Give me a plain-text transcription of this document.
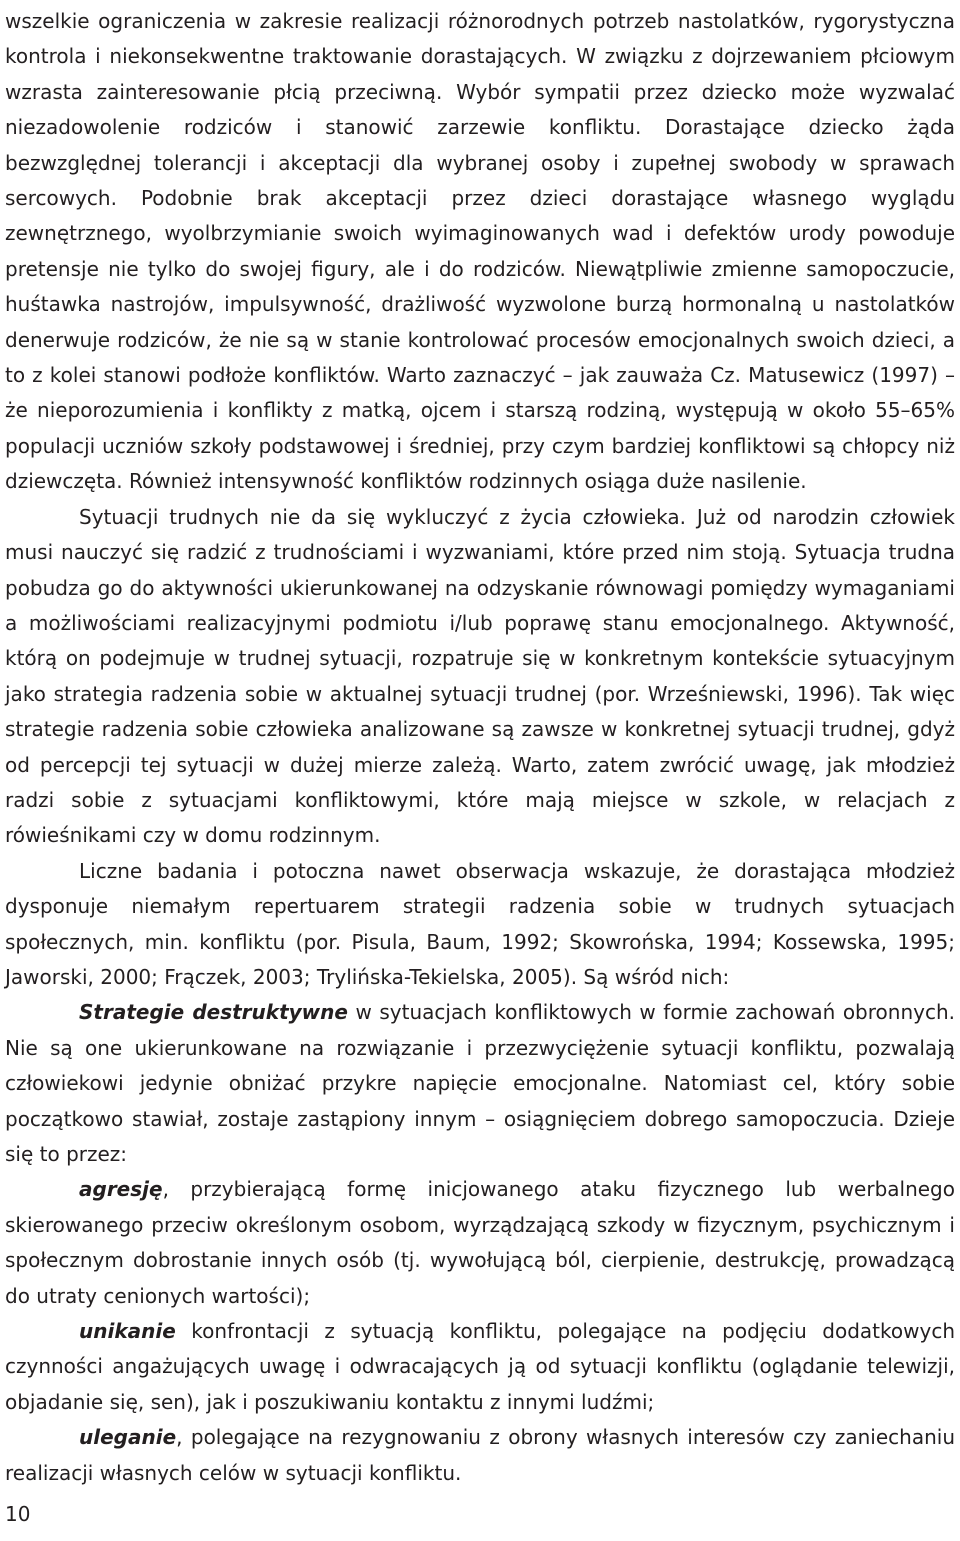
wszelkie ograniczenia w zakresie realizacji różnorodnych potrzeb nastolatków, rygorystyczna kontrola i niekonsekwentne traktowanie dorastających. W związku z dojrzewaniem płciowym wzrasta zainteresowanie płcią przeciwną. Wybór sympatii przez dziecko może wyzwalać niezadowolenie rodziców i stanowić zarzewie konfliktu. Dorastające dziecko żąda bezwzględnej tolerancji i akceptacji dla wybranej osoby i zupełnej swobody w sprawach sercowych. Podobnie brak akceptacji przez dzieci dorastające własnego wyglądu zewnętrznego, wyolbrzymianie swoich wyimaginowanych wad i defektów urody powoduje pretensje nie tylko do swojej figury, ale i do rodziców. Niewątpliwie zmienne samopoczucie, huśtawka nastrojów, impulsywność, drażliwość wyzwolone burzą hormonalną u nastolatków denerwuje rodziców, że nie są w stanie kontrolować procesów emocjonalnych swoich dzieci, a to z kolei stanowi podłoże konfliktów. Warto zaznaczyć – jak zauważa Cz. Matusewicz (1997) – że nieporozumienia i konflikty z matką, ojcem i starszą rodziną, występują w około 55–65% populacji uczniów szkoły podstawowej i średniej, przy czym bardziej konfliktowi są chłopcy niż dziewczęta. Również intensywność konfliktów rodzinnych osiąga duże nasilenie.

Sytuacji trudnych nie da się wykluczyć z życia człowieka. Już od narodzin człowiek musi nauczyć się radzić z trudnościami i wyzwaniami, które przed nim stoją. Sytuacja trudna pobudza go do aktywności ukierunkowanej na odzyskanie równowagi pomiędzy wymaganiami a możliwościami realizacyjnymi podmiotu i/lub poprawę stanu emocjonalnego. Aktywność, którą on podejmuje w trudnej sytuacji, rozpatruje się w konkretnym kontekście sytuacyjnym jako strategia radzenia sobie w aktualnej sytuacji trudnej (por. Wrześniewski, 1996). Tak więc strategie radzenia sobie człowieka analizowane są zawsze w konkretnej sytuacji trudnej, gdyż od percepcji tej sytuacji w dużej mierze zależą. Warto, zatem zwrócić uwagę, jak młodzież radzi sobie z sytuacjami konfliktowymi, które mają miejsce w szkole, w relacjach z rówieśnikami czy w domu rodzinnym.

Liczne badania i potoczna nawet obserwacja wskazuje, że dorastająca młodzież dysponuje niemałym repertuarem strategii radzenia sobie w trudnych sytuacjach społecznych, min. konfliktu (por. Pisula, Baum, 1992; Skowrońska, 1994; Kossewska, 1995; Jaworski, 2000; Frączek, 2003; Trylińska-Tekielska, 2005). Są wśród nich:

Strategie destruktywne w sytuacjach konfliktowych w formie zachowań obronnych. Nie są one ukierunkowane na rozwiązanie i przezwyciężenie sytuacji konfliktu, pozwalają człowiekowi jedynie obniżać przykre napięcie emocjonalne. Natomiast cel, który sobie początkowo stawiał, zostaje zastąpiony innym – osiągnięciem dobrego samopoczucia. Dzieje się to przez:

agresję, przybierającą formę inicjowanego ataku fizycznego lub werbalnego skierowanego przeciw określonym osobom, wyrządzającą szkody w fizycznym, psychicznym i społecznym dobrostanie innych osób (tj. wywołującą ból, cierpienie, destrukcję, prowadzącą do utraty cenionych wartości);

unikanie konfrontacji z sytuacją konfliktu, polegające na podjęciu dodatkowych czynności angażujących uwagę i odwracających ją od sytuacji konfliktu (oglądanie telewizji, objadanie się, sen), jak i poszukiwaniu kontaktu z innymi ludźmi;

uleganie, polegające na rezygnowaniu z obrony własnych interesów czy zaniechaniu realizacji własnych celów w sytuacji konfliktu.

10
